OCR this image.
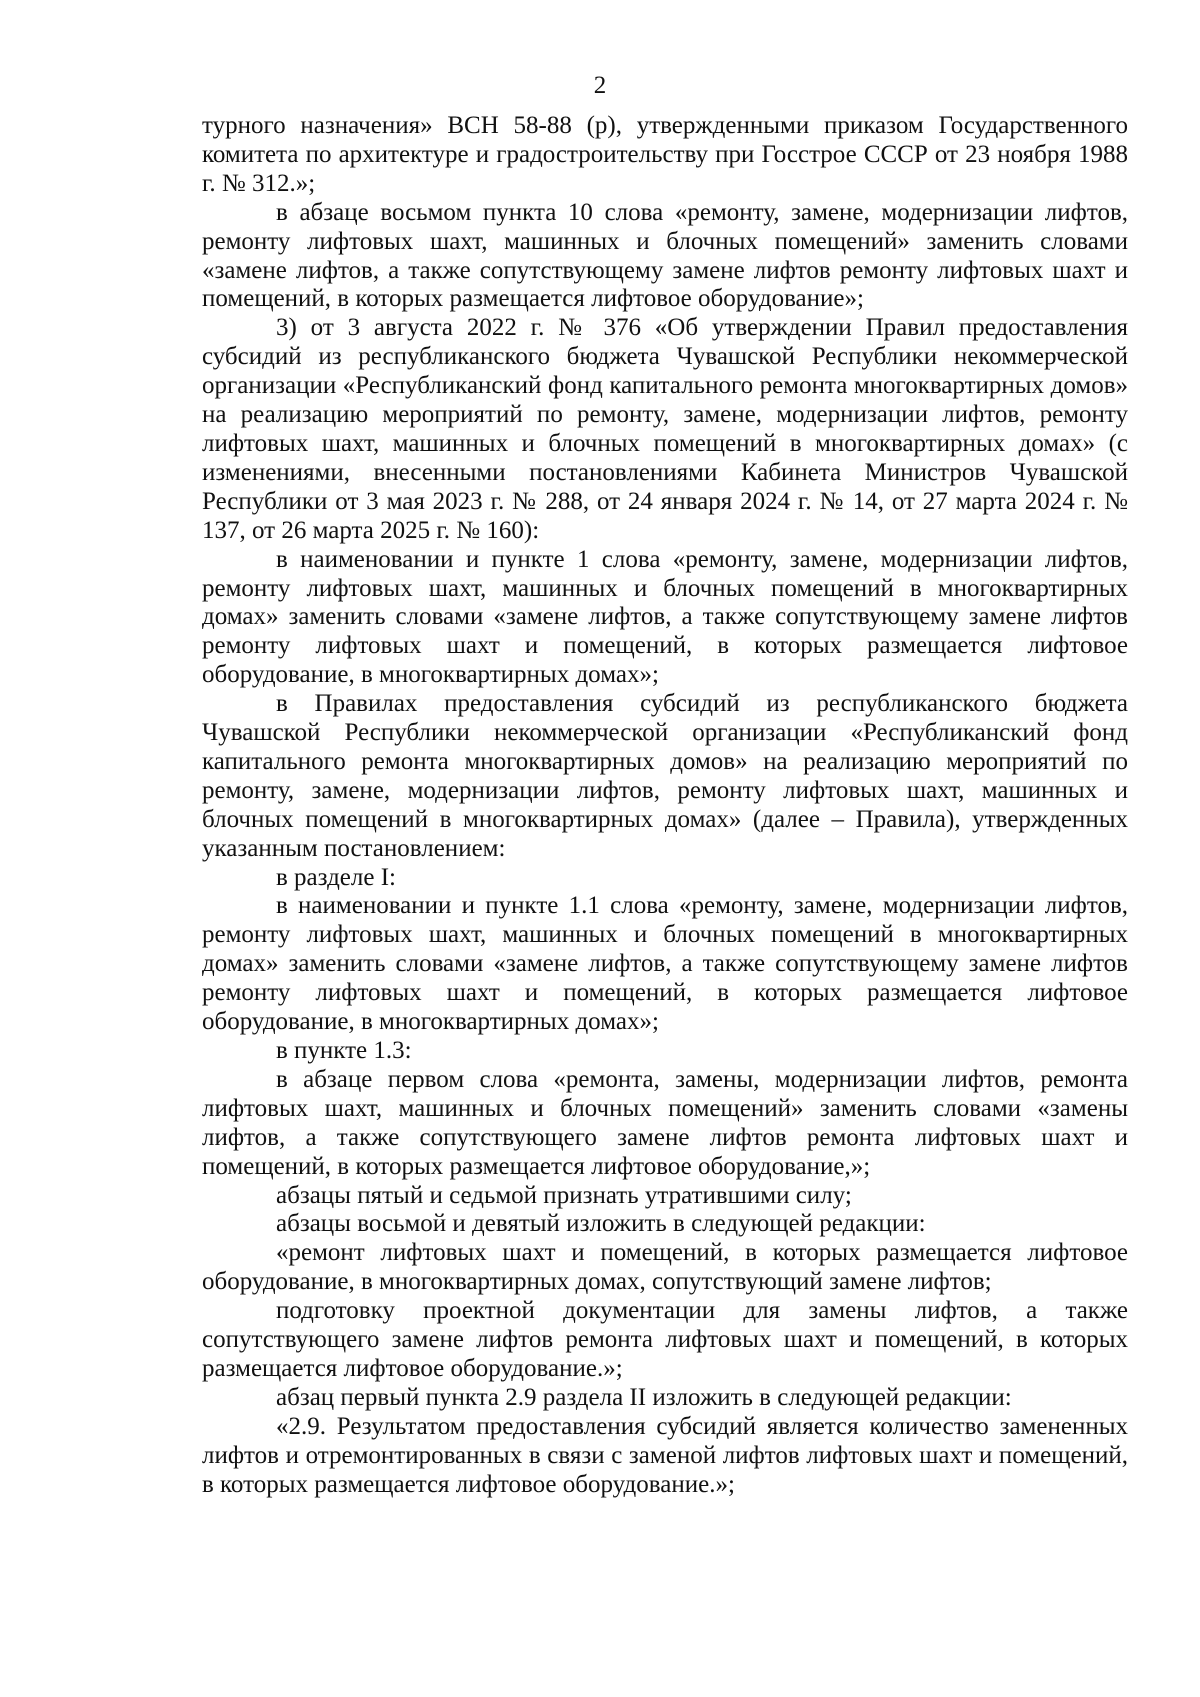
2

турного назначения» ВСН 58-88 (р), утвержденными приказом Государственного комитета по архитектуре и градостроительству при Госстрое СССР от 23 ноября 1988 г. № 312.»;

в абзаце восьмом пункта 10 слова «ремонту, замене, модернизации лифтов, ремонту лифтовых шахт, машинных и блочных помещений» заменить словами «замене лифтов, а также сопутствующему замене лифтов ремонту лифтовых шахт и помещений, в которых размещается лифтовое оборудование»;

3) от 3 августа 2022 г. № 376 «Об утверждении Правил предоставления субсидий из республиканского бюджета Чувашской Республики некоммерческой организации «Республиканский фонд капитального ремонта многоквартирных домов» на реализацию мероприятий по ремонту, замене, модернизации лифтов, ремонту лифтовых шахт, машинных и блочных помещений в многоквартирных домах» (с изменениями, внесенными постановлениями Кабинета Министров Чувашской Республики от 3 мая 2023 г. № 288, от 24 января 2024 г. № 14, от 27 марта 2024 г. № 137, от 26 марта 2025 г. № 160):

в наименовании и пункте 1 слова «ремонту, замене, модернизации лифтов, ремонту лифтовых шахт, машинных и блочных помещений в многоквартирных домах» заменить словами «замене лифтов, а также сопутствующему замене лифтов ремонту лифтовых шахт и помещений, в которых размещается лифтовое оборудование, в многоквартирных домах»;

в Правилах предоставления субсидий из республиканского бюджета Чувашской Республики некоммерческой организации «Республиканский фонд капитального ремонта многоквартирных домов» на реализацию мероприятий по ремонту, замене, модернизации лифтов, ремонту лифтовых шахт, машинных и блочных помещений в многоквартирных домах» (далее – Правила), утвержденных указанным постановлением:

в разделе I:

в наименовании и пункте 1.1 слова «ремонту, замене, модернизации лифтов, ремонту лифтовых шахт, машинных и блочных помещений в многоквартирных домах» заменить словами «замене лифтов, а также сопутствующему замене лифтов ремонту лифтовых шахт и помещений, в которых размещается лифтовое оборудование, в многоквартирных домах»;

в пункте 1.3:

в абзаце первом слова «ремонта, замены, модернизации лифтов, ремонта лифтовых шахт, машинных и блочных помещений» заменить словами «замены лифтов, а также сопутствующего замене лифтов ремонта лифтовых шахт и помещений, в которых размещается лифтовое оборудование,»;

абзацы пятый и седьмой признать утратившими силу;

абзацы восьмой и девятый изложить в следующей редакции:

«ремонт лифтовых шахт и помещений, в которых размещается лифтовое оборудование, в многоквартирных домах, сопутствующий замене лифтов;

подготовку проектной документации для замены лифтов, а также сопутствующего замене лифтов ремонта лифтовых шахт и помещений, в которых размещается лифтовое оборудование.»;

абзац первый пункта 2.9 раздела II изложить в следующей редакции:

«2.9. Результатом предоставления субсидий является количество замененных лифтов и отремонтированных в связи с заменой лифтов лифтовых шахт и помещений, в которых размещается лифтовое оборудование.»;
